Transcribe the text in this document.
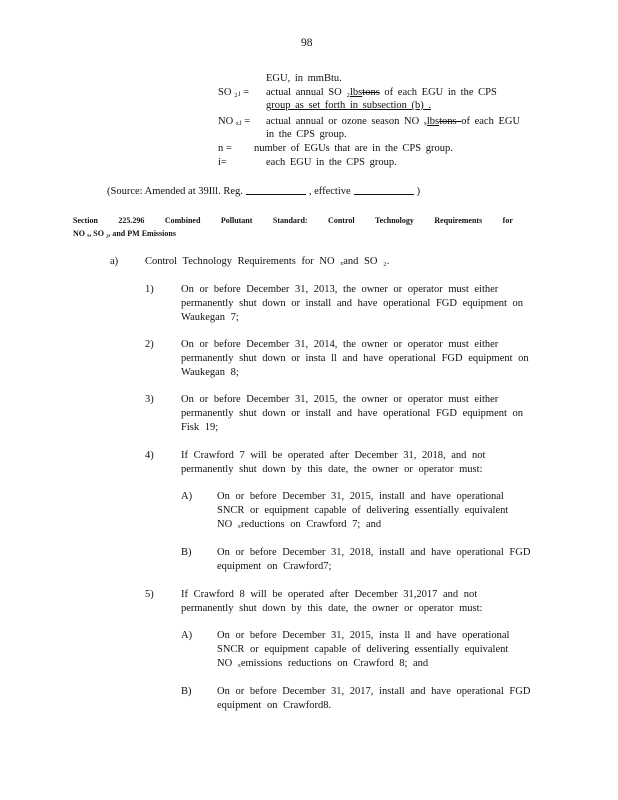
98
EGU, in mmBtu.
SO ₂ⱼ = actual annual SO ₂lbstons of each EGU in the CPS
group as set forth in subsection (b) .
NO ₓⱼ = actual annual or ozone season NO ₓlbstons of each EGU
in the CPS group.
n = number of EGUs that are in the CPS group.
i=	each EGU in the CPS group.
(Source: Amended at 39Ill. Reg.	, effective	)
Section	225.296	Combined	Pollutant	Standard:	Control	Technology	Requirements	for
NO ₓ, SO ₂, and PM Emissions
a)	Control Technology Requirements for NO ₓand SO ₂.
1)	On or before December 31, 2013, the owner or operator must either
permanently shut down or install and have operational FGD equipment on
Waukegan 7;
2)	On or before December 31, 2014, the owner or operator must either
permanently shut down or insta ll and have operational FGD equipment on
Waukegan 8;
3)	On or before December 31, 2015, the owner or operator must either
permanently shut down or install and have operational FGD equipment on
Fisk 19;
4)	If Crawford 7 will be operated after December 31, 2018, and not
permanently shut down by this date, the owner or operator must:
A) On or before December 31, 2015, install and have operational
SNCR or equipment capable of delivering essentially equivalent
NO ₓreductions on Crawford 7; and
B) On or before December 31, 2018, install and have operational FGD
equipment on Crawford7;
5)	If Crawford 8 will be operated after December 31,2017 and not
permanently shut down by this date, the owner or operator must:
A) On or before December 31, 2015, insta ll and have operational
SNCR or equipment capable of delivering essentially equivalent
NO ₓemissions reductions on Crawford 8; and
B) On or before December 31, 2017, install and have operational FGD
equipment on Crawford8.
